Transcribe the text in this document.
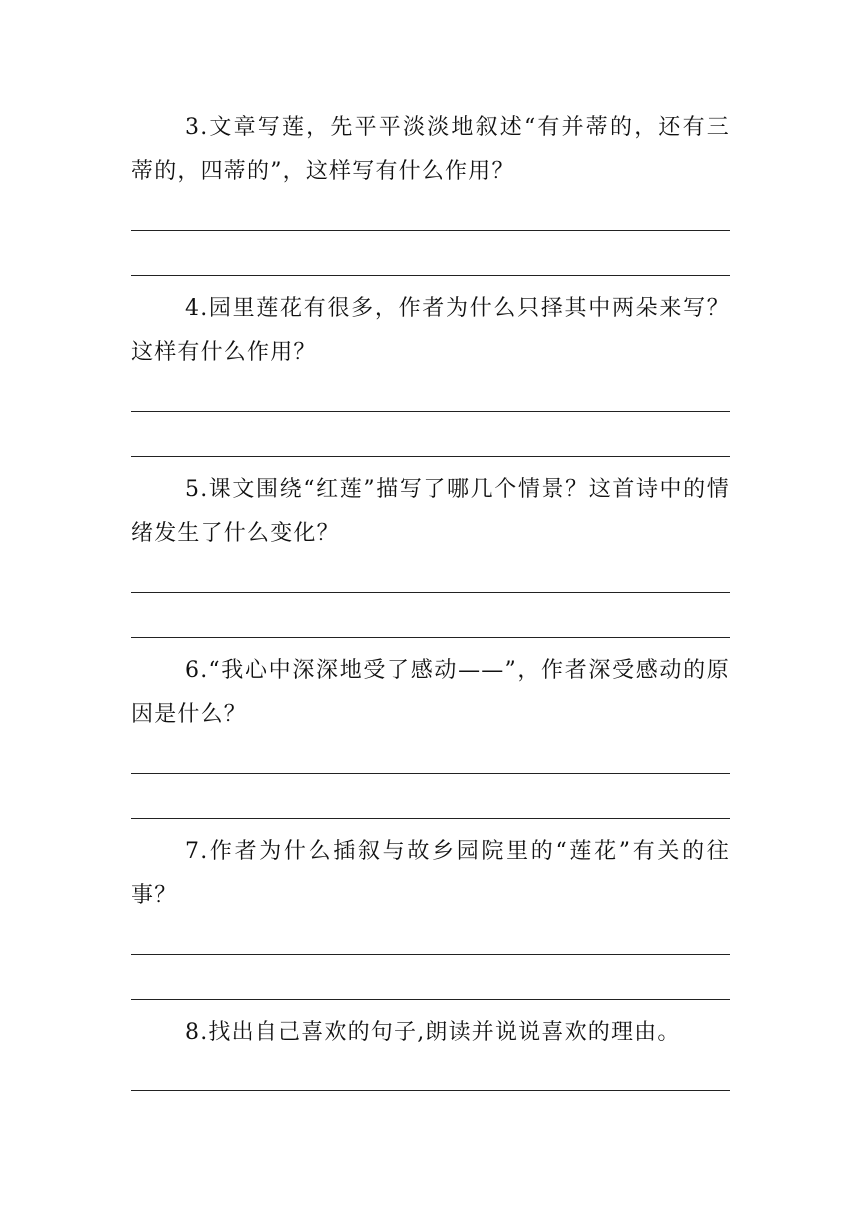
3.文章写莲，先平平淡淡地叙述“有并蒂的，还有三蒂的，四蒂的”，这样写有什么作用？

4.园里莲花有很多，作者为什么只择其中两朵来写？这样有什么作用？

5.课文围绕“红莲”描写了哪几个情景？这首诗中的情绪发生了什么变化？

6.“我心中深深地受了感动——”，作者深受感动的原因是什么？

7.作者为什么插叙与故乡园院里的“莲花”有关的往事？

8.找出自己喜欢的句子,朗读并说说喜欢的理由。
